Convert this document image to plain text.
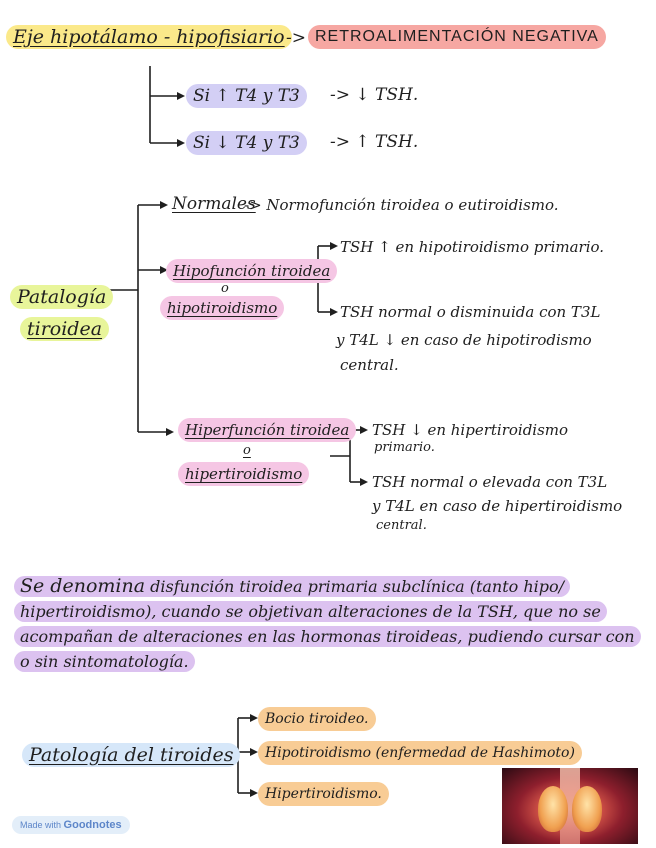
Eje hipotálamo - hipofisiario -> RETROALIMENTACIÓN NEGATIVA
Si ↑ T4 y T3	-> ↓ TSH.
Si ↓ T4 y T3	-> ↑ TSH.
Patalogía
tiroidea
Normales
-> Normofunción tiroidea o eutiroidismo.
Hipofunción tiroidea
o
hipotiroidismo
TSH ↑ en hipotiroidismo primario.
TSH normal o disminuida con T3L
y T4L ↓ en caso de hipotirodismo
central.
Hiperfunción tiroidea
o
hipertiroidismo
TSH ↓ en hipertiroidismo
primario.
TSH normal o elevada con T3L
y T4L en caso de hipertiroidismo
central.
Se denomina disfunción tiroidea primaria subclínica (tanto hipo/ hipertiroidismo), cuando se objetivan alteraciones de la TSH, que no se acompañan de alteraciones en las hormonas tiroideas, pudiendo cursar con o sin sintomatología.
Patología del tiroides
Bocio tiroideo.
Hipotiroidismo (enfermedad de Hashimoto)
Hipertiroidismo.
Made with Goodnotes
